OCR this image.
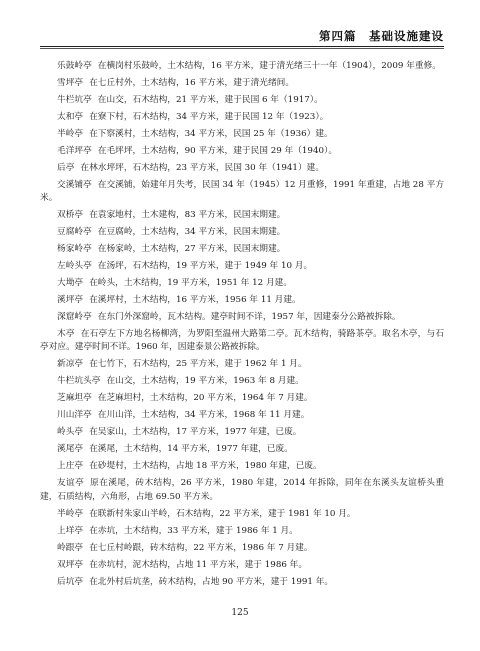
第四篇　基础设施建设

乐鼓岭亭 在横岗村乐鼓岭，土木结构，16 平方米，建于清光绪三十一年（1904），2009 年重修。

雪坪亭 在七丘村外，土木结构，16 平方米，建于清光绪间。

牛栏坑亭 在山交，石木结构，21 平方米，建于民国 6 年（1917）。

太和亭 在寮下村，石木结构，34 平方米，建于民国 12 年（1923）。

半岭亭 在下察溪村，土木结构，34 平方米，民国 25 年（1936）建。

毛洋坪亭 在毛坪坪，土木结构，90 平方米，建于民国 29 年（1940）。

后亭 在林水坪坪，石木结构，23 平方米，民国 30 年（1941）建。

交溪铺亭 在交溪铺，始建年月失考，民国 34 年（1945）12 月重修，1991 年重建，占地 28 平方米。

双桥亭 在袁家地村，土木建构，83 平方米，民国末期建。

豆腐岭亭 在豆腐岭，土木结构，34 平方米，民国末期建。

杨家岭亭 在杨家岭，土木结构，27 平方米，民国末期建。

左岭头亭 在汤坪，石木结构，19 平方米，建于 1949 年 10 月。

大坳亭 在岭头，土木结构，19 平方米，1951 年 12 月建。

溪坪亭 在溪坪村，土木结构，16 平方米，1956 年 11 月建。

深窟岭亭 在东门外深窟岭，瓦木结构。建亭时间不详，1957 年，因建泰分公路被拆除。

木亭 在石亭左下方地名杨柳湾，为罗阳至温州大路第二亭。瓦木结构，骑路茶亭。取名木亭，与石亭对应。建亭时间不详。1960 年，因建泰景公路被拆除。

新凉亭 在七竹下，石木结构，25 平方米，建于 1962 年 1 月。

牛栏坑头亭 在山交，土木结构，19 平方米，1963 年 8 月建。

芝麻坦亭 在芝麻坦村，土木结构，20 平方米，1964 年 7 月建。

川山洋亭 在川山洋，土木结构，34 平方米，1968 年 11 月建。

岭头亭 在吴家山，土木结构，17 平方米，1977 年建，已废。

溪尾亭 在溪尾，土木结构，14 平方米，1977 年建，已废。

上庄亭 在砂堤村，土木结构，占地 18 平方米，1980 年建，已废。

友谊亭 原在溪尾，砖木结构，26 平方米，1980 年建，2014 年拆除，同年在东溪头友谊桥头重建，石质结构，六角形，占地 69.50 平方米。

半岭亭 在联新村朱家山半岭，石木结构，22 平方米，建于 1981 年 10 月。

上垟亭 在赤坑，土木结构，33 平方米，建于 1986 年 1 月。

岭跟亭 在七丘村岭跟，砖木结构，22 平方米，1986 年 7 月建。

双坪亭 在赤坑村，泥木结构，占地 11 平方米，建于 1986 年。

后坑亭 在北外村后坑垄，砖木结构，占地 90 平方米，建于 1991 年。

125
